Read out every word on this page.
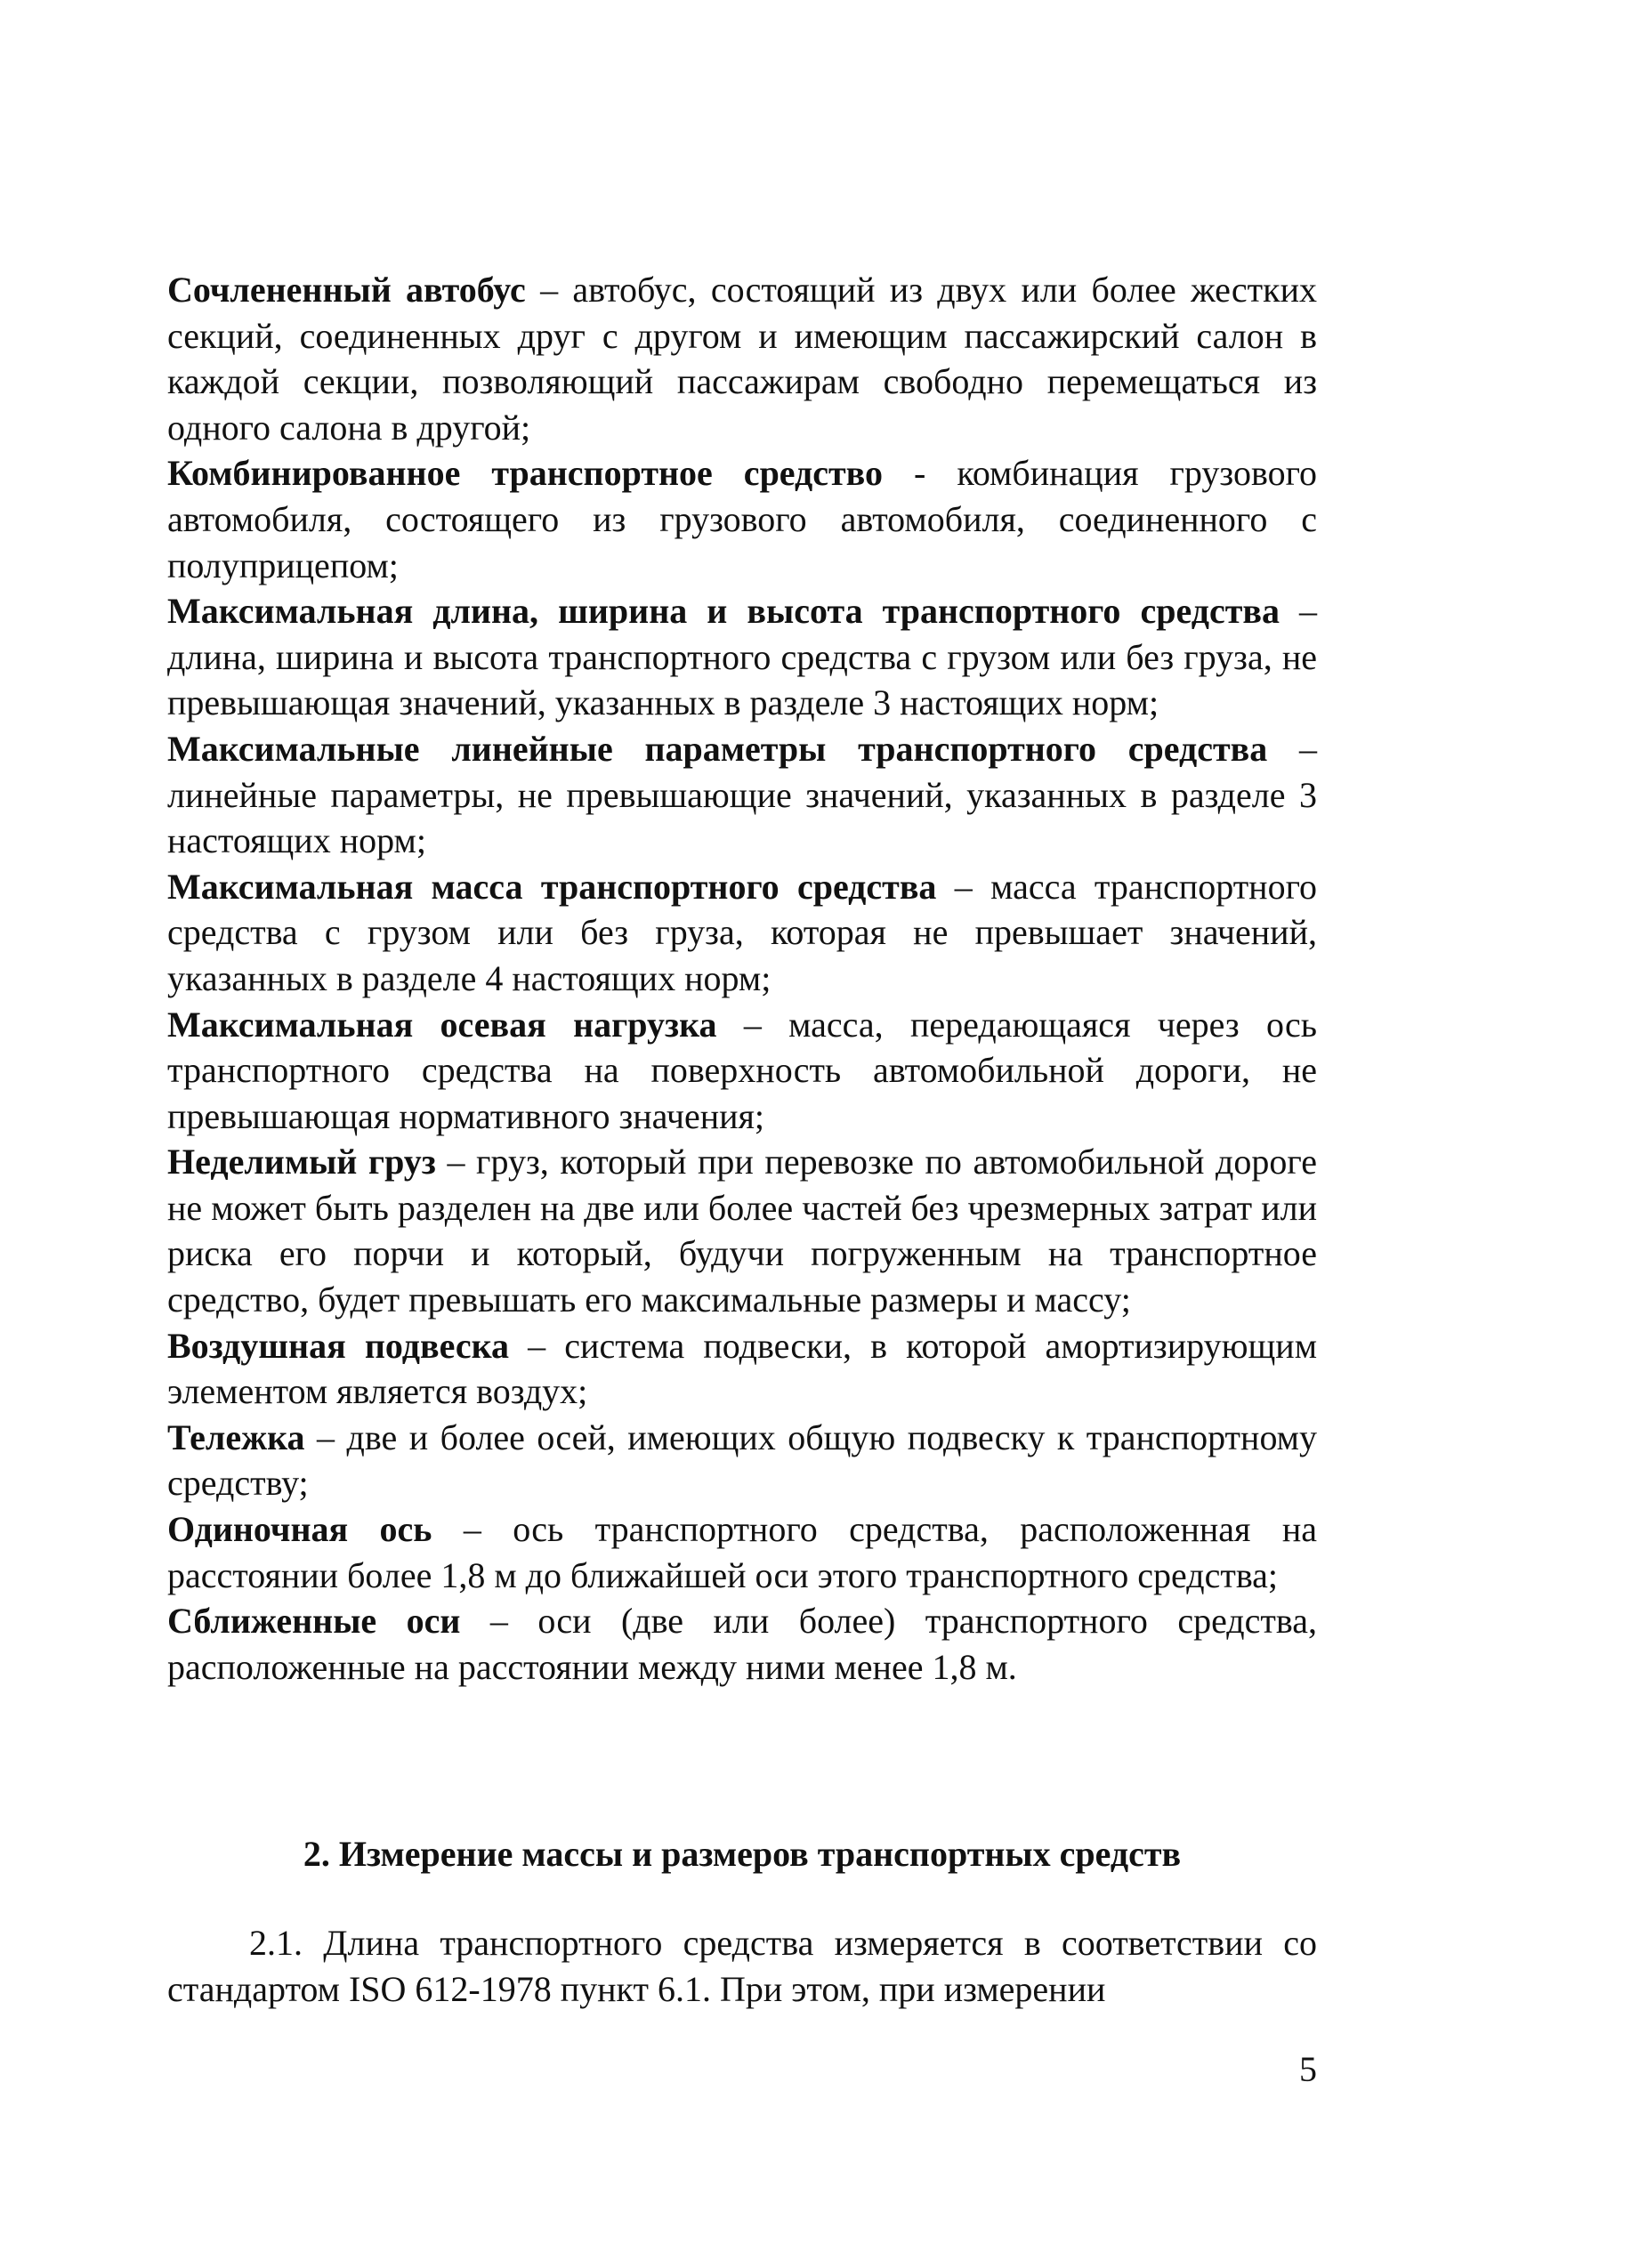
Сочлененный автобус – автобус, состоящий из двух или более жестких секций, соединенных друг с другом и имеющим пассажирский салон в каждой секции, позволяющий пассажирам свободно перемещаться из одного салона в другой;

Комбинированное транспортное средство - комбинация грузового автомобиля, состоящего из грузового автомобиля, соединенного с полуприцепом;

Максимальная длина, ширина и высота транспортного средства – длина, ширина и высота транспортного средства с грузом или без груза, не превышающая значений, указанных в разделе 3 настоящих норм;

Максимальные линейные параметры транспортного средства – линейные параметры, не превышающие значений, указанных в разделе 3 настоящих норм;

Максимальная масса транспортного средства – масса транспортного средства с грузом или без груза, которая не превышает значений, указанных в разделе 4 настоящих норм;

Максимальная осевая нагрузка – масса, передающаяся через ось транспортного средства на поверхность автомобильной дороги, не превышающая нормативного значения;

Неделимый груз – груз, который при перевозке по автомобильной дороге не может быть разделен на две или более частей без чрезмерных затрат или риска его порчи и который, будучи погруженным на транспортное средство, будет превышать его максимальные размеры и массу;

Воздушная подвеска – система подвески, в которой амортизирующим элементом является воздух;

Тележка – две и более осей, имеющих общую подвеску к транспортному средству;

Одиночная ось – ось транспортного средства, расположенная на расстоянии более 1,8 м до ближайшей оси этого транспортного средства;

Сближенные оси – оси (две или более) транспортного средства, расположенные на расстоянии между ними менее 1,8 м.

2. Измерение массы и размеров транспортных средств

2.1. Длина транспортного средства измеряется в соответствии со стандартом ISO 612-1978 пункт 6.1. При этом, при измерении

5
